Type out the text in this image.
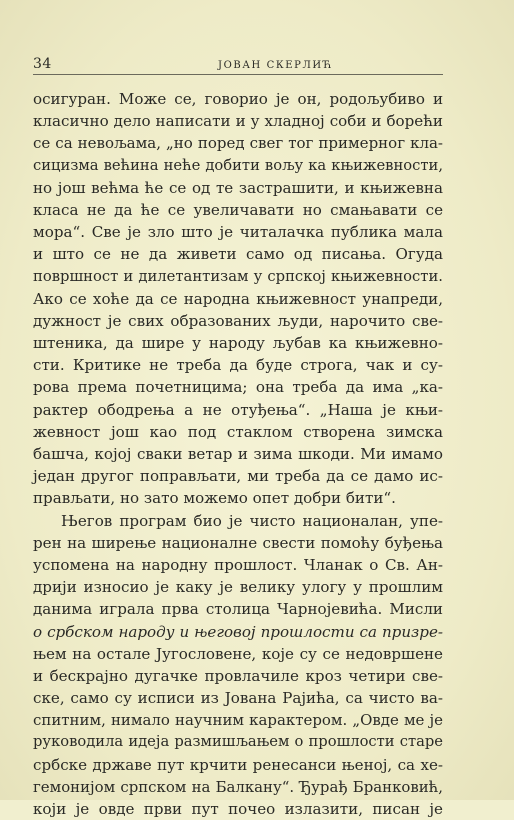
34	ЈОВАН СКЕРЛИЋ
осигуран. Може се, говорио је он, родољубиво и
класично дело написати и у хладној соби и борећи
се са невољама, „но поред свег тог примерног кла-
сицизма већина неће добити вољу ка књижевности,
но још већма ће се од те застрашити, и књижевна
класа не да ће се увеличавати но смањавати се
мора“. Све је зло што је читалачка публика мала
и што се не да живети само од писања. Огуда
површност и дилетантизам у српској књижевности.
Ако се хоће да се народна књижевност унапреди,
дужност је свих образованих људи, нарочито све-
штеника, да шире у народу љубав ка књижевно-
сти. Критике не треба да буде строга, чак и су-
рова према почетницима; она треба да има „ка-
рактер ободрења а не отуђења“. „Наша је књи-
жевност још као под стаклом створена зимска
башча, којој сваки ветар и зима шкоди. Ми имамо
један другог поправљати, ми треба да се дамо ис-
прављати, но зато можемо опет добри бити“.
Његов програм био је чисто националан, упе-
рен на ширење националне свести помоћу буђења
успомена на народну прошлост. Чланак о Св. Ан-
дрији износио је каку је велику улогу у прошлим
данима играла прва столица Чарнојевића. Мисли
о србском народу и његовој прошлости са призре-
њем на остале Југословене, које су се недовршене
и бескрајно дугачке провлачиле кроз четири све-
ске, само су исписи из Јована Рајића, са чисто ва-
спитним, нимало научним карактером. „Овде ме је
руководила идеја размишљањем о прошлости старе
србске државе пут крчити ренесанси њеној, са хе-
гемонијом српском на Балкану“. Ђурађ Бранковић,
који је овде први пут почео излазити, писан је
